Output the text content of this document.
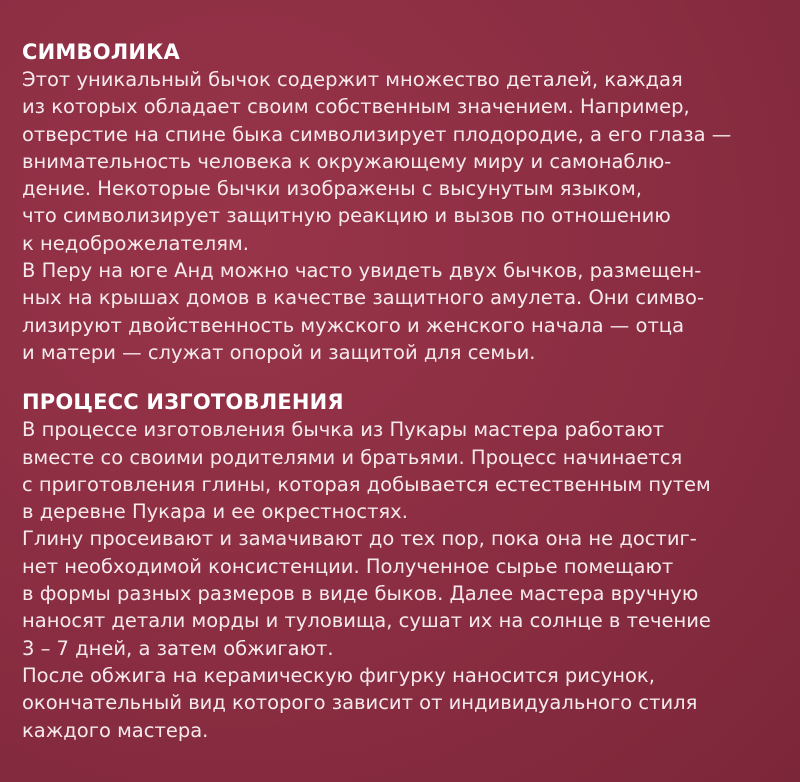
СИМВОЛИКА

Этот уникальный бычок содержит множество деталей, каждая
из которых обладает своим собственным значением. Например,
отверстие на спине быка символизирует плодородие, а его глаза —
внимательность человека к окружающему миру и самонаблю-
дение. Некоторые бычки изображены с высунутым языком,
что символизирует защитную реакцию и вызов по отношению
к недоброжелателям.

В Перу на юге Анд можно часто увидеть двух бычков, размещен-
ных на крышах домов в качестве защитного амулета. Они симво-
лизируют двойственность мужского и женского начала — отца
и матери — служат опорой и защитой для семьи.

ПРОЦЕСС ИЗГОТОВЛЕНИЯ

В процессе изготовления бычка из Пукары мастера работают
вместе со своими родителями и братьями. Процесс начинается
с приготовления глины, которая добывается естественным путем
в деревне Пукара и ее окрестностях.

Глину просеивают и замачивают до тех пор, пока она не достиг-
нет необходимой консистенции. Полученное сырье помещают
в формы разных размеров в виде быков. Далее мастера вручную
наносят детали морды и туловища, сушат их на солнце в течение
3 – 7 дней, а затем обжигают.

После обжига на керамическую фигурку наносится рисунок,
окончательный вид которого зависит от индивидуального стиля
каждого мастера.
